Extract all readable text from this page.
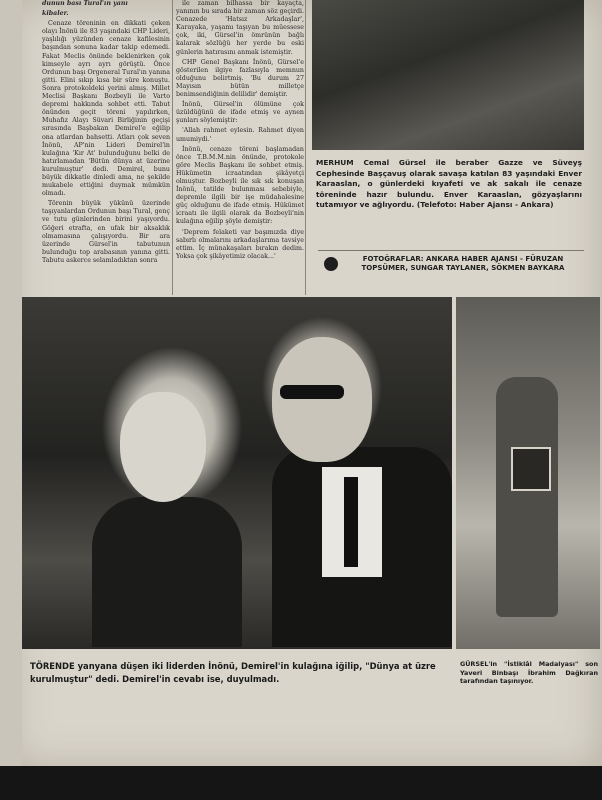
dunun bası Tural'ın yanı

kibaler.

Cenaze töreninin en dikkati çeken olayı İnönü ile 83 yaşındaki CHP Lideri, yaşlılığı yüzünden cenaze kafilesinin başından sonuna kadar takip edemedi. Fakat Meclis önünde beklenirken çok kimseyle ayrı ayrı görüştü. Önce Ordunun başı Orgeneral Tural'ın yanına gitti. Elini sıkıp kısa bir süre konuştu. Sonra protokoldeki yerini almış. Millet Meclisi Başkanı Bozbeyli ile Varto depremi hakkında sohbet etti. Tabut önünden geçit töreni yapılırken, Muhafız Alayı Süvari Birliğinin geçişi sırasında Başbakan Demirel'e eğilip ona atlardan bahsetti. Atları çok seven İnönü, AP'nin Lideri Demirel'in kulağına 'Kır At' bulunduğunu belki de hatırlamadan 'Bütün dünya at üzerine kurulmuştur' dedi. Demirel, bunu büyük dikkatle dinledi ama, ne şekilde mukabele ettiğini duymak mümkün olmadı.

Törenin büyük yükünü üzerinde taşıyanlardan Ordunun başı Tural, genç ve tutu günlerinden birini yaşıyordu. Göğeri etrafta, en ufak bir aksaklık olmamasına çalışıyordu. Bir ara üzerinde Gürsel'in tabutunun bulunduğu top arabasının yanına gitti. Tabutu askerce selamladıktan sonra

ile zaman bilhassa bir kayaçta, yanının bu sırada bir zaman söz geçirdi. Cenazede 'Hatsız Arkadaşlar', Karayaka, yaşamı taşıyan bu müessese çok, iki, Gürsel'in ömrünün bağlı kalarak sözlüğü her yerde bu eski günlerin hatırasını anmak istemiştir.

CHP Genel Başkanı İnönü, Gürsel'e gösterilen ilgiye fazlasıyla memnun olduğunu belirtmiş. 'Bu durum 27 Mayısın bütün milletçe benimsendiğinin delilidir' demiştir.

İnönü, Gürsel'in ölümüne çok üzüldüğünü de ifade etmiş ve aynen şunları söylemiştir:

'Allah rahmet eylesin. Rahmet diyen umumiydi.'

İnönü, cenaze töreni başlamadan önce T.B.M.M.nin önünde, protokole göre Meclis Başkanı ile sohbet etmiş. Hükümetin icraatından şikâyetçi olmuştur. Bozbeyli ile sık sık konuşan İnönü, tatilde bulunması sebebiyle, depremle ilgili bir işe müdahalesine güç olduğunu de ifade etmiş. Hükümet icraatı ile ilgili olarak da Bozbeyli'nin kulağına eğilip şöyle demiştir:

'Deprem felaketi var başımızda diye sabırlı olmalarını arkadaşlarıma tavsiye ettim. İç münakaşaları bırakın dedim. Yoksa çok şikâyetimiz olacak...'

MERHUM Cemal Gürsel ile beraber Gazze ve Süveyş Cephesinde Başçavuş olarak savaşa katılan 83 yaşındaki Enver Karaaslan, o günlerdeki kıyafeti ve ak sakalı ile cenaze töreninde hazır bulundu. Enver Karaaslan, gözyaşlarını tutamıyor ve ağlıyordu. (Telefoto: Haber Ajansı - Ankara)
FOTOĞRAFLAR: ANKARA HABER AJANSI - FÜRUZAN TOPSÜMER, SUNGAR TAYLANER, SÖKMEN BAYKARA
TÖRENDE yanyana düşen iki liderden İnönü, Demirel'in kulağına iğilip, "Dünya at üzre kurulmuştur" dedi. Demirel'in cevabı ise, duyulmadı.
GÜRSEL'in "İstiklâl Madalyası" son Yaveri Binbaşı İbrahim Dağkıran tarafından taşınıyor.
